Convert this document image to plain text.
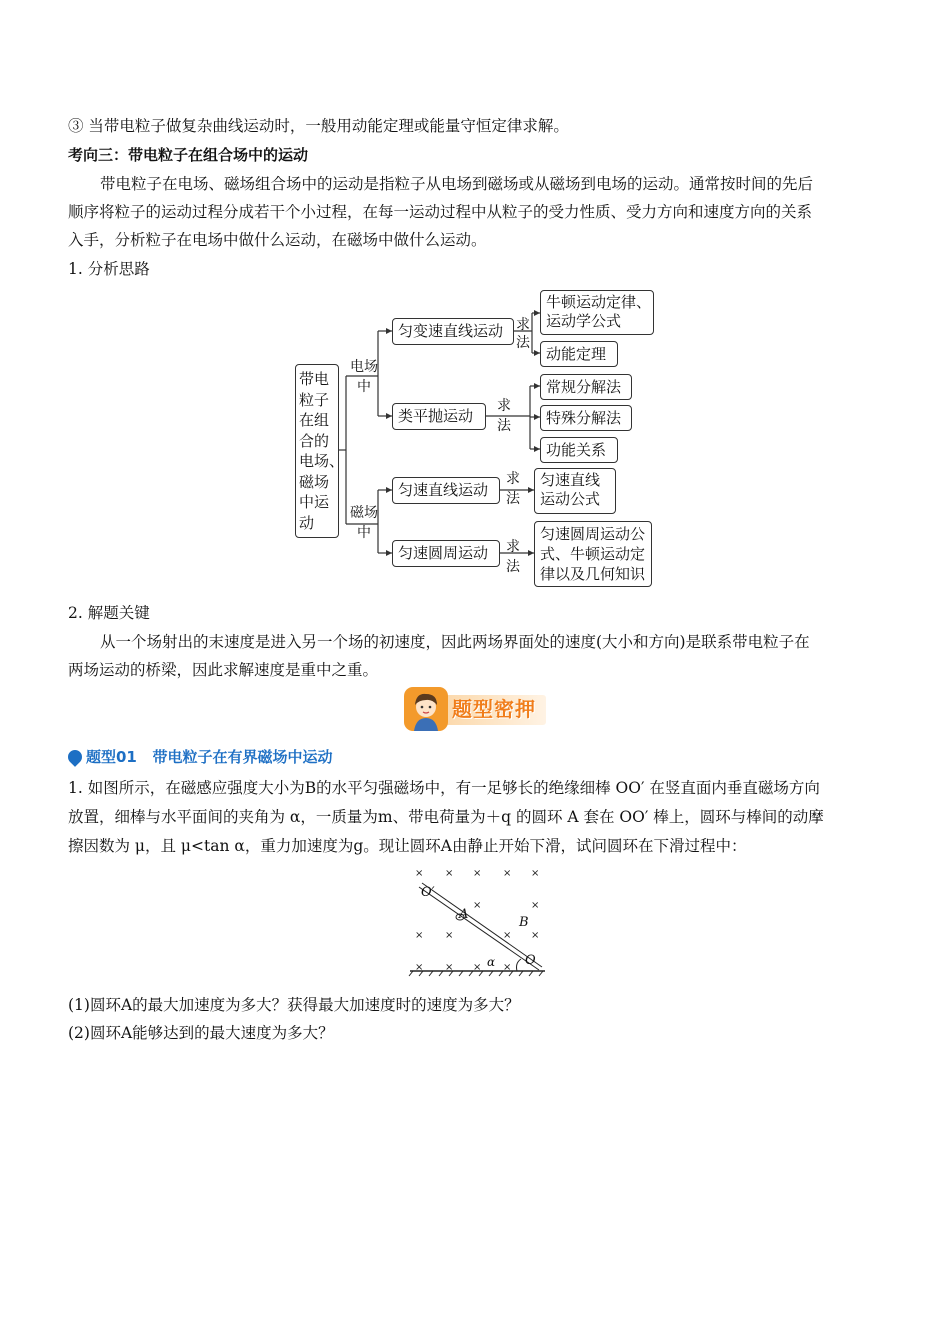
③ 当带电粒子做复杂曲线运动时，一般用动能定理或能量守恒定律求解。
考向三：带电粒子在组合场中的运动
带电粒子在电场、磁场组合场中的运动是指粒子从电场到磁场或从磁场到电场的运动。通常按时间的先后
顺序将粒子的运动过程分成若干个小过程，在每一运动过程中从粒子的受力性质、受力方向和速度方向的关系
入手，分析粒子在电场中做什么运动，在磁场中做什么运动。
1. 分析思路
带电
粒子
在组
合的
电场、
磁场
中运
动
电场
中
磁场
中
匀变速直线运动 求
法
牛顿运动定律、
运动学公式
动能定理
类平抛运动
求
法
常规分解法
特殊分解法
功能关系
匀速直线运动
求
法
匀速直线
运动公式
匀速圆周运动	求
法
匀速圆周运动公
式、牛顿运动定
律以及几何知识
2. 解题关键
从一个场射出的末速度是进入另一个场的初速度，因此两场界面处的速度(大小和方向)是联系带电粒子在
两场运动的桥梁，因此求解速度是重中之重。
题型密押
题型01 带电粒子在有界磁场中运动
1. 如图所示，在磁感应强度大小为B的水平匀强磁场中，有一足够长的绝缘细棒 OO′ 在竖直面内垂直磁场方向
放置，细棒与水平面间的夹角为 α，一质量为m、带电荷量为＋q 的圆环 A 套在 OO′ 棒上，圆环与棒间的动摩
擦因数为 μ，且 μ<tan α，重力加速度为g。现让圆环A由静止开始下滑，试问圆环在下滑过程中：
× × × × ×
×	×
× ×	× ×
× × × ×
O′
A
B
α O
(1)圆环A的最大加速度为多大？获得最大加速度时的速度为多大？
(2)圆环A能够达到的最大速度为多大？
